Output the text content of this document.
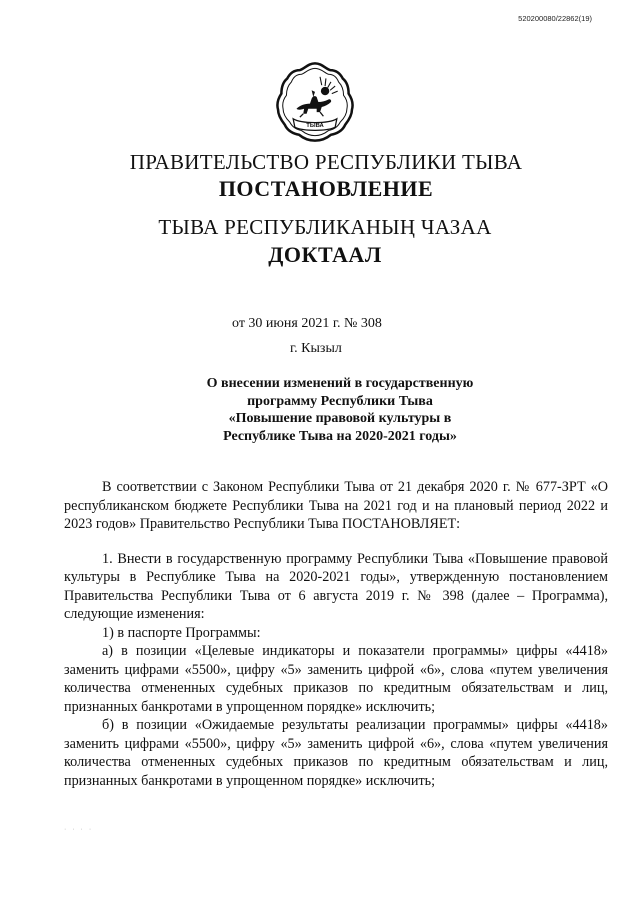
520200080/22862(19)
ТЫВА
ПРАВИТЕЛЬСТВО РЕСПУБЛИКИ ТЫВА
ПОСТАНОВЛЕНИЕ
ТЫВА РЕСПУБЛИКАНЫҢ ЧАЗАА
ДОКТААЛ
от 30 июня 2021 г. № 308
г. Кызыл
О внесении изменений в государственную
программу Республики Тыва
«Повышение правовой культуры в
Республике Тыва на 2020-2021 годы»

В соответствии с Законом Республики Тыва от 21 декабря 2020 г. № 677-ЗРТ «О республиканском бюджете Республики Тыва на 2021 год и на плановый период 2022 и 2023 годов» Правительство Республики Тыва ПОСТАНОВЛЯЕТ:

1. Внести в государственную программу Республики Тыва «Повышение правовой культуры в Республике Тыва на 2020-2021 годы», утвержденную постановлением Правительства Республики Тыва от 6 августа 2019 г. № 398 (далее – Программа), следующие изменения:

1) в паспорте Программы:

а) в позиции «Целевые индикаторы и показатели программы» цифры «4418» заменить цифрами «5500», цифру «5» заменить цифрой «6», слова «путем увеличения количества отмененных судебных приказов по кредитным обязательствам и лиц, признанных банкротами в упрощенном порядке» исключить;

б) в позиции «Ожидаемые результаты реализации программы» цифры «4418» заменить цифрами «5500», цифру «5» заменить цифрой «6», слова «путем увеличения количества отмененных судебных приказов по кредитным обязательствам и лиц, признанных банкротами в упрощенном порядке» исключить;

· · · ·
